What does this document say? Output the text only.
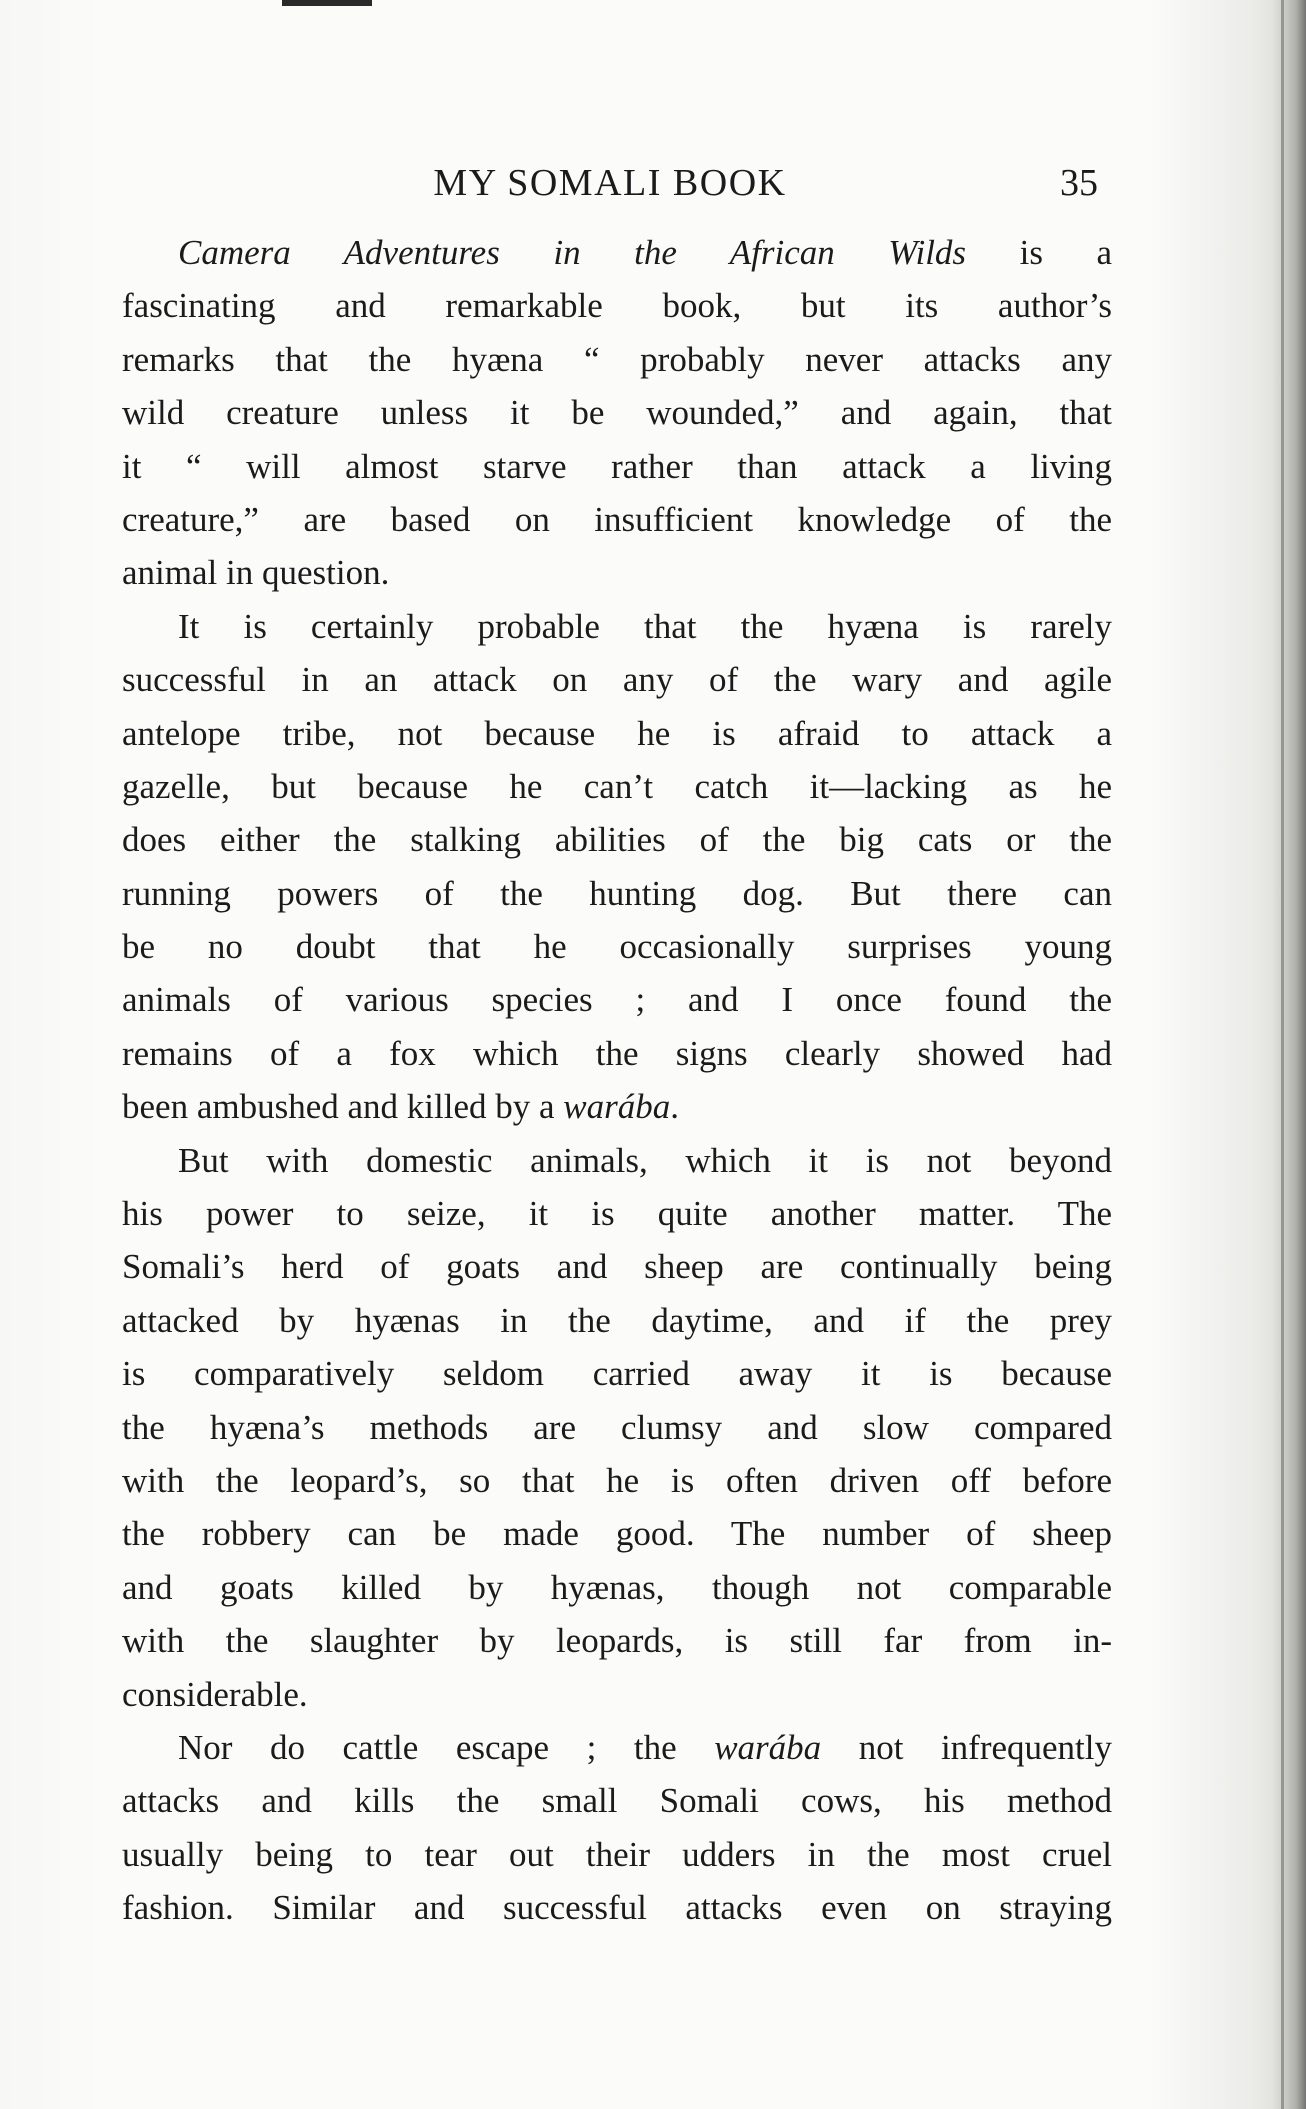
MY SOMALI BOOK	35
Camera Adventures in the African Wilds is a
fascinating and remarkable book, but its author’s
remarks that the hyæna “ probably never attacks any
wild creature unless it be wounded,” and again, that
it “ will almost starve rather than attack a living
creature,” are based on insufficient knowledge of the
animal in question.
It is certainly probable that the hyæna is rarely
successful in an attack on any of the wary and agile
antelope tribe, not because he is afraid to attack a
gazelle, but because he can’t catch it—lacking as he
does either the stalking abilities of the big cats or the
running powers of the hunting dog. But there can
be no doubt that he occasionally surprises young
animals of various species ; and I once found the
remains of a fox which the signs clearly showed had
been ambushed and killed by a warába.
But with domestic animals, which it is not beyond
his power to seize, it is quite another matter. The
Somali’s herd of goats and sheep are continually being
attacked by hyænas in the daytime, and if the prey
is comparatively seldom carried away it is because
the hyæna’s methods are clumsy and slow compared
with the leopard’s, so that he is often driven off before
the robbery can be made good. The number of sheep
and goats killed by hyænas, though not comparable
with the slaughter by leopards, is still far from in-
considerable.
Nor do cattle escape ; the warába not infrequently
attacks and kills the small Somali cows, his method
usually being to tear out their udders in the most cruel
fashion. Similar and successful attacks even on straying
